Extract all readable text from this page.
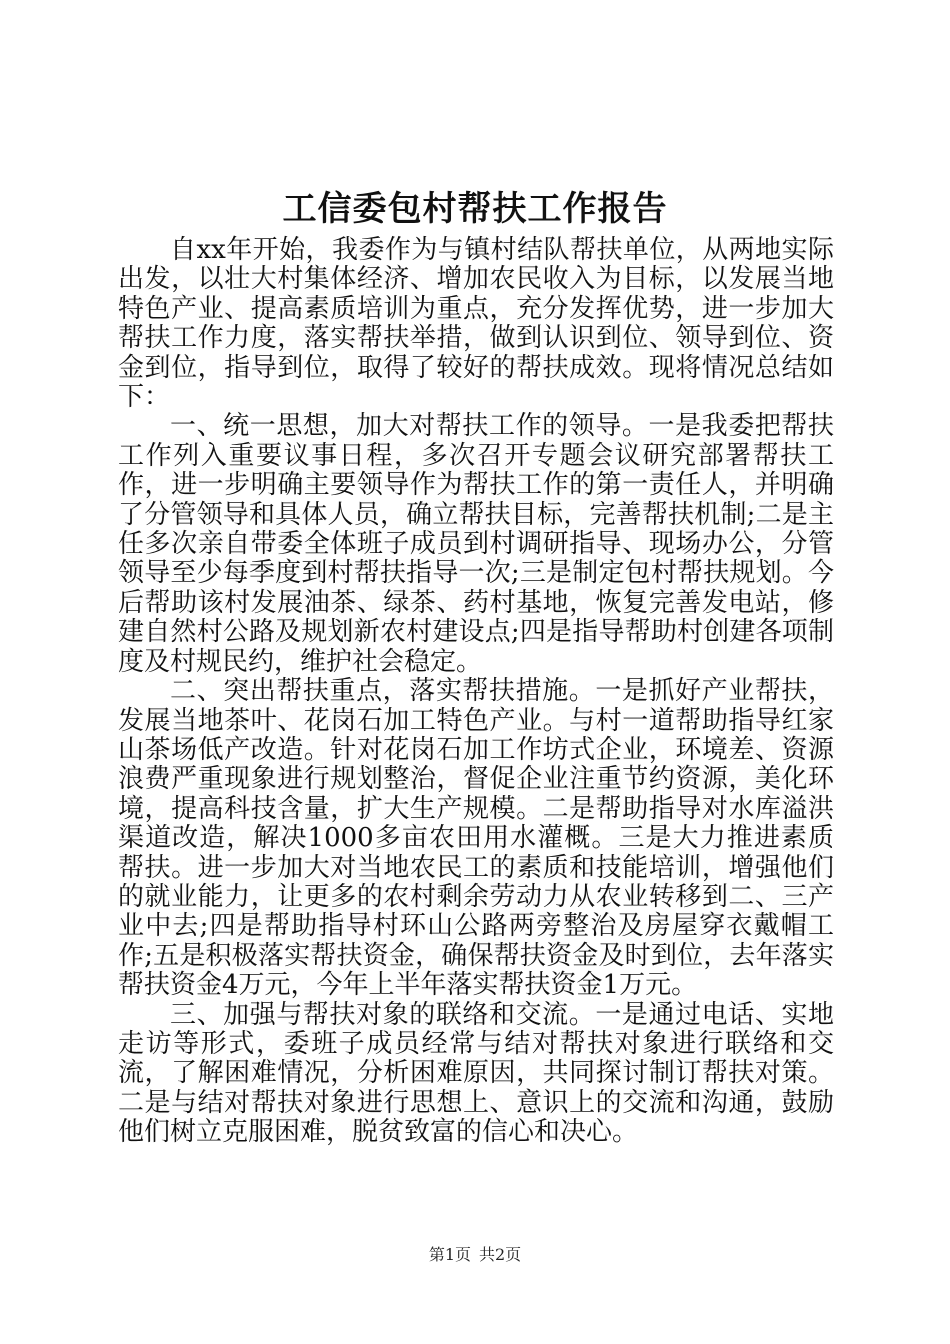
工信委包村帮扶工作报告

自xx年开始，我委作为与镇村结队帮扶单位，从两地实际出发，以壮大村集体经济、增加农民收入为目标，以发展当地特色产业、提高素质培训为重点，充分发挥优势，进一步加大帮扶工作力度，落实帮扶举措，做到认识到位、领导到位、资金到位，指导到位，取得了较好的帮扶成效。现将情况总结如下：

一、统一思想，加大对帮扶工作的领导。一是我委把帮扶工作列入重要议事日程，多次召开专题会议研究部署帮扶工作，进一步明确主要领导作为帮扶工作的第一责任人，并明确了分管领导和具体人员，确立帮扶目标，完善帮扶机制;二是主任多次亲自带委全体班子成员到村调研指导、现场办公，分管领导至少每季度到村帮扶指导一次;三是制定包村帮扶规划。今后帮助该村发展油茶、绿茶、药村基地，恢复完善发电站，修建自然村公路及规划新农村建设点;四是指导帮助村创建各项制度及村规民约，维护社会稳定。

二、突出帮扶重点，落实帮扶措施。一是抓好产业帮扶，发展当地茶叶、花岗石加工特色产业。与村一道帮助指导红家山茶场低产改造。针对花岗石加工作坊式企业，环境差、资源浪费严重现象进行规划整治，督促企业注重节约资源，美化环境，提高科技含量，扩大生产规模。二是帮助指导对水库溢洪渠道改造，解决1000多亩农田用水灌概。三是大力推进素质帮扶。进一步加大对当地农民工的素质和技能培训，增强他们的就业能力，让更多的农村剩余劳动力从农业转移到二、三产业中去;四是帮助指导村环山公路两旁整治及房屋穿衣戴帽工作;五是积极落实帮扶资金，确保帮扶资金及时到位，去年落实帮扶资金4万元，今年上半年落实帮扶资金1万元。

三、加强与帮扶对象的联络和交流。一是通过电话、实地走访等形式，委班子成员经常与结对帮扶对象进行联络和交流，了解困难情况，分析困难原因，共同探讨制订帮扶对策。二是与结对帮扶对象进行思想上、意识上的交流和沟通，鼓励他们树立克服困难，脱贫致富的信心和决心。

第1页 共2页
